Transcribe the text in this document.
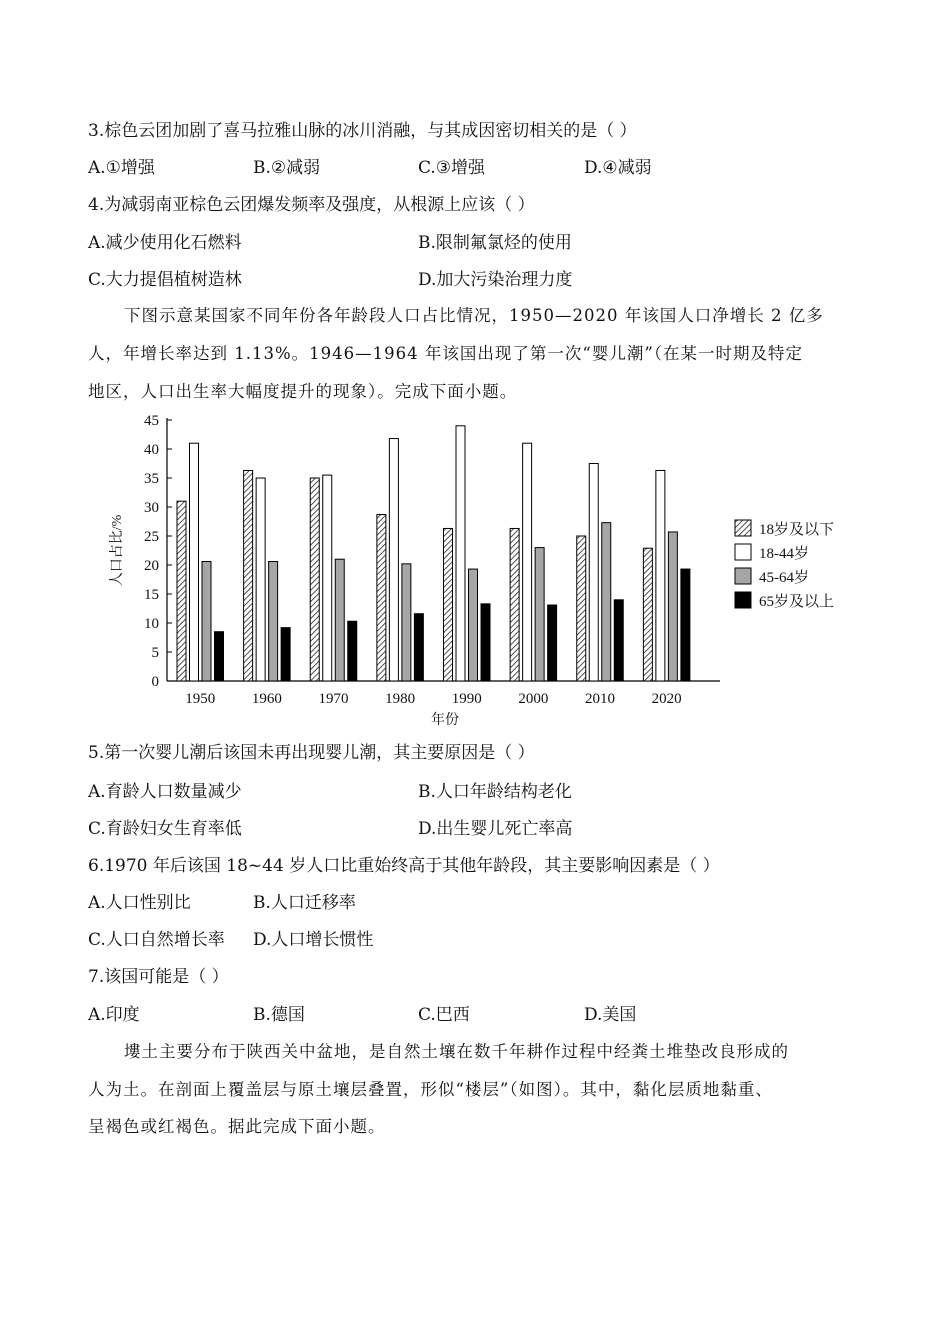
3.棕色云团加剧了喜马拉雅山脉的冰川消融，与其成因密切相关的是（ ）
A.①增强	B.②减弱	C.③增强	D.④减弱
4.为减弱南亚棕色云团爆发频率及强度，从根源上应该（ ）
A.减少使用化石燃料	B.限制氟氯烃的使用
C.大力提倡植树造林	D.加大污染治理力度
下图示意某国家不同年份各年龄段人口占比情况，1950—2020 年该国人口净增长 2 亿多
人，年增长率达到 1.13%。1946—1964 年该国出现了第一次“婴儿潮”（在某一时期及特定
地区，人口出生率大幅度提升的现象）。完成下面小题。
0
5
10
15
20
25
30
35
40
45
人口占比/%
1950 1960 1970 1980 1990 2000 2010 2020
年份
18岁及以下
18-44岁
45-64岁
65岁及以上
5.第一次婴儿潮后该国未再出现婴儿潮，其主要原因是（ ）
A.育龄人口数量减少	B.人口年龄结构老化
C.育龄妇女生育率低	D.出生婴儿死亡率高
6.1970 年后该国 18~44 岁人口比重始终高于其他年龄段，其主要影响因素是（ ）
A.人口性别比	B.人口迁移率
C.人口自然增长率 D.人口增长惯性
7.该国可能是（ ）
A.印度	B.德国	C.巴西	D.美国
塿土主要分布于陕西关中盆地，是自然土壤在数千年耕作过程中经粪土堆垫改良形成的
人为土。在剖面上覆盖层与原土壤层叠置，形似“楼层”（如图）。其中，黏化层质地黏重、
呈褐色或红褐色。据此完成下面小题。
